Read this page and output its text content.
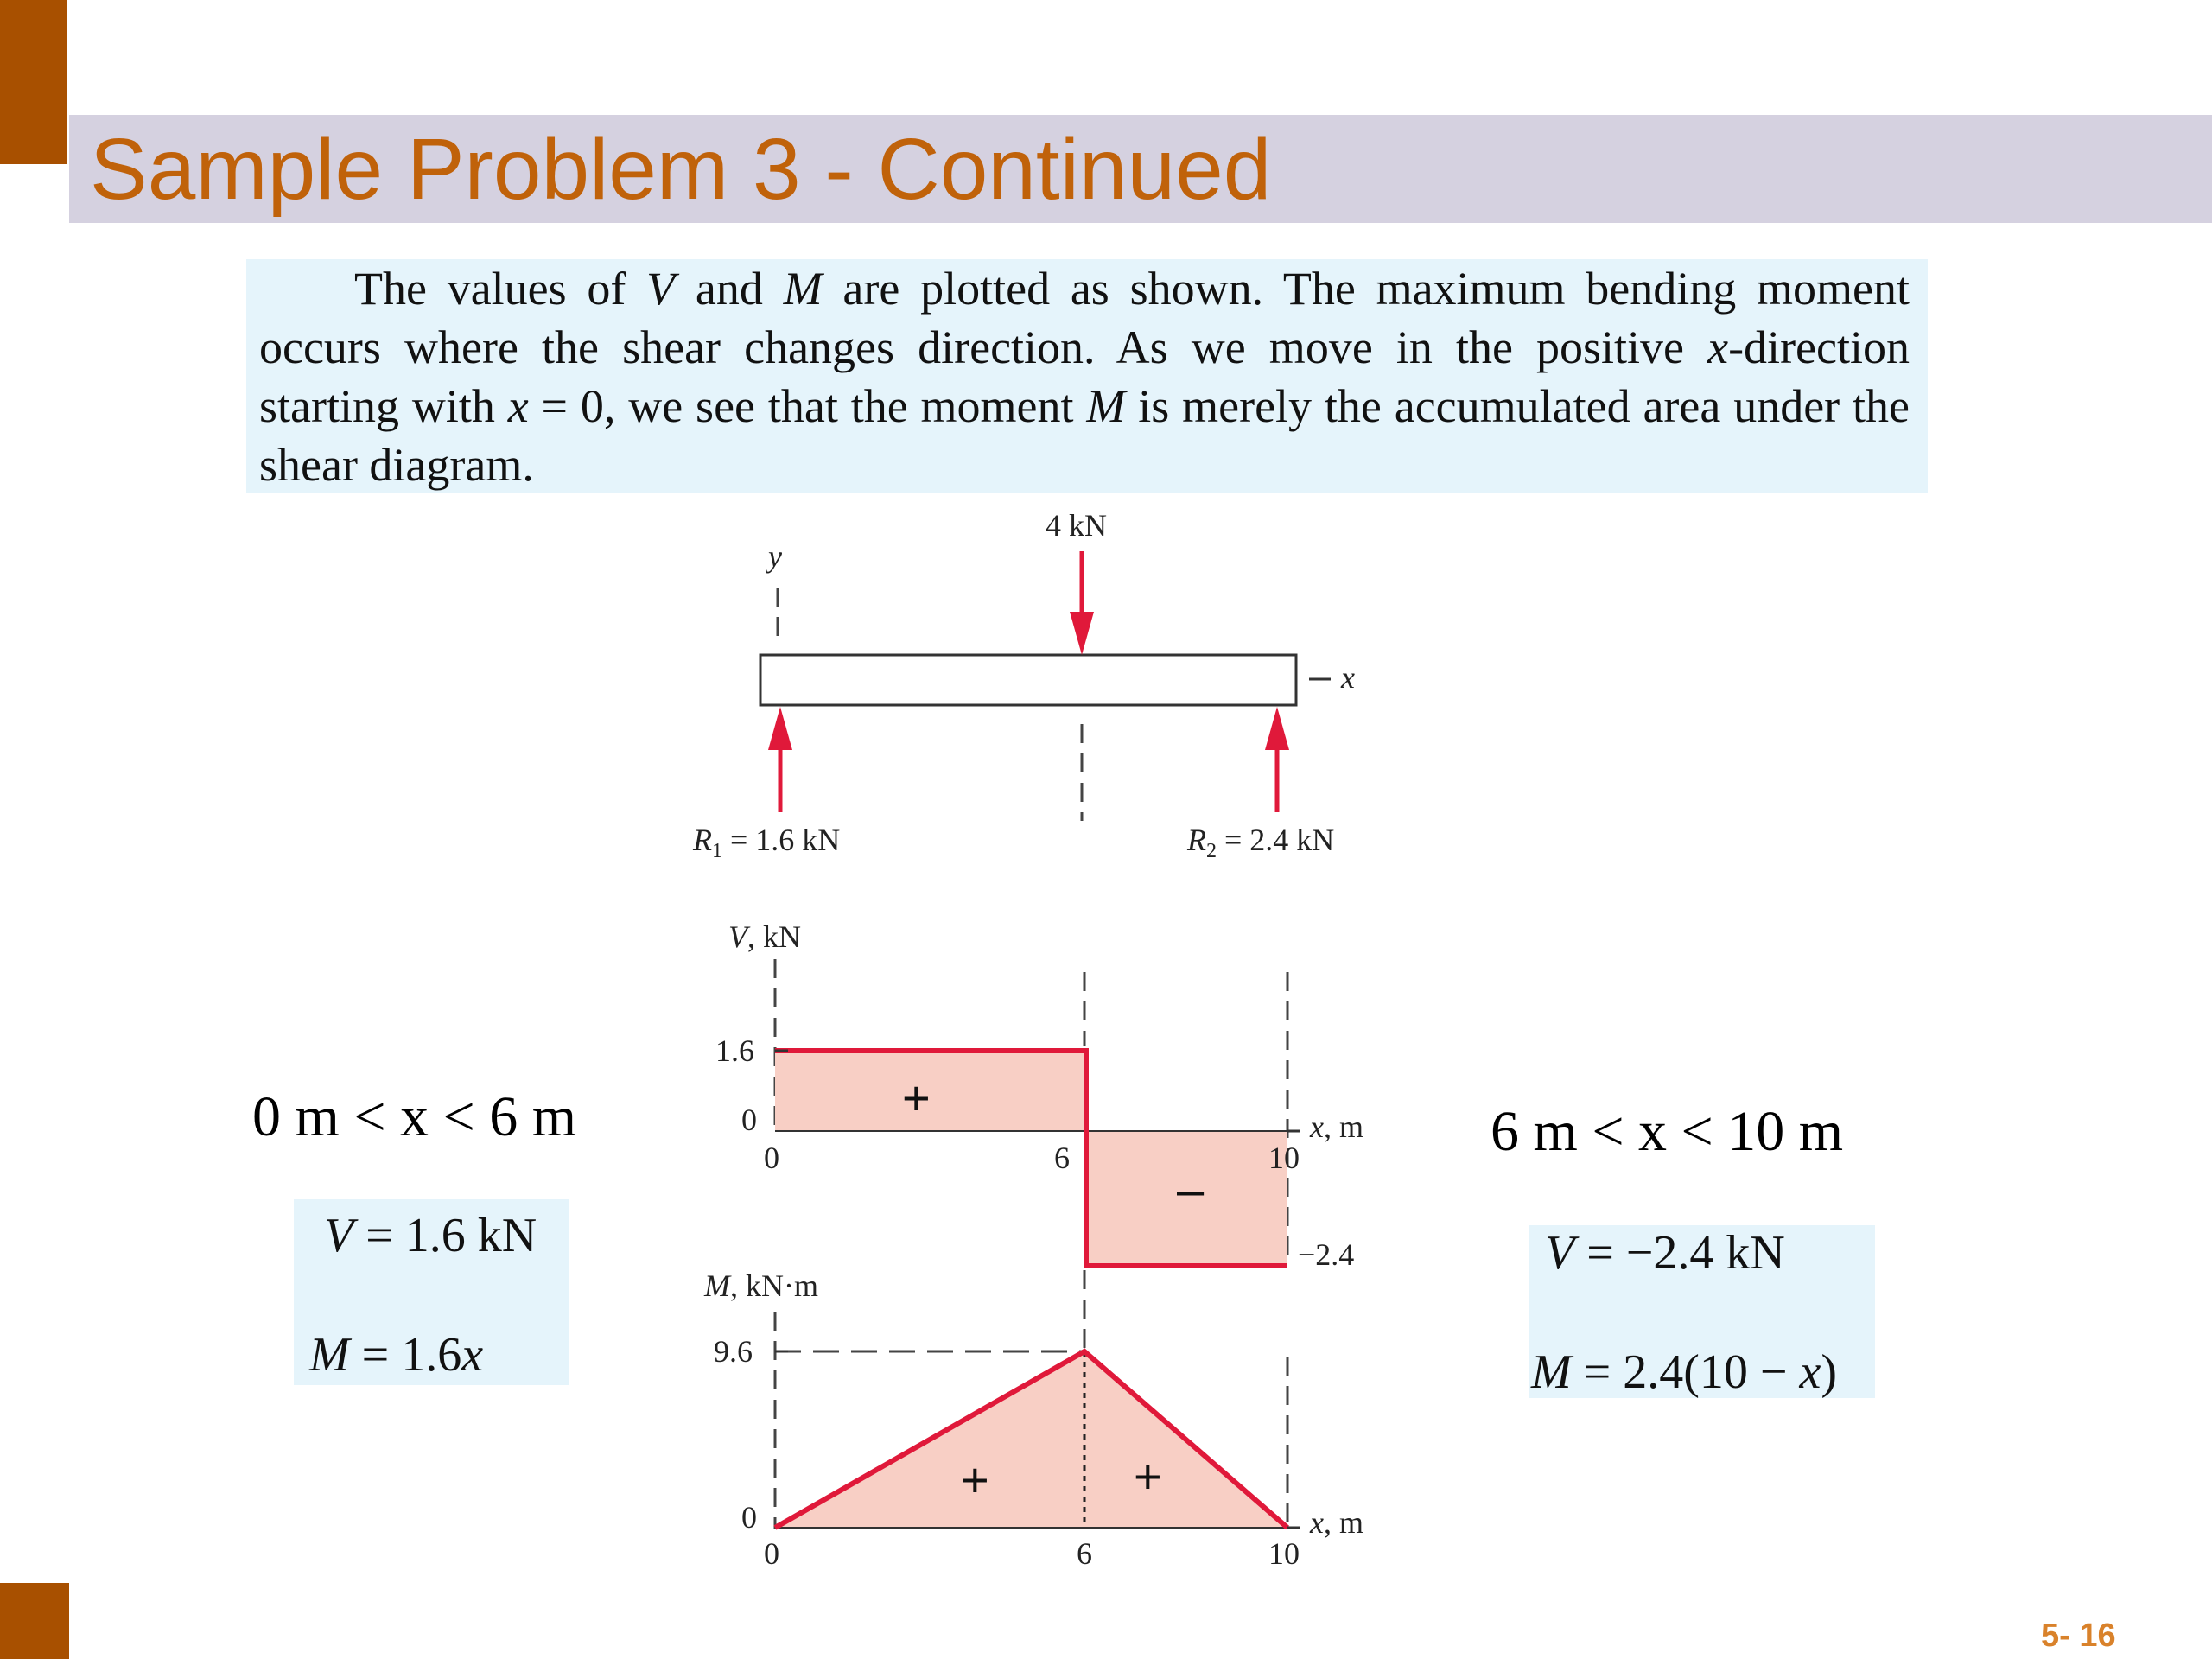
Sample Problem 3 - Continued
The values of V and M are plotted as shown. The maximum bending moment occurs where the shear changes direction. As we move in the positive x-direction starting with x = 0, we see that the moment M is merely the accumulated area under the shear diagram.
0 m < x < 6 m
V = 1.6 kN
M = 1.6x
6 m < x < 10 m
V = −2.4 kN
M = 2.4(10 − x)
y
x
4 kN
$R_1 = 1.6$ kN	$R_2 = 2.4$ kN
V, kN
1.6
0
−2.4
0	6	10
x, m
+
–
M, kN·m
9.6
0
0	6	10
x, m
+	+
5- 16
